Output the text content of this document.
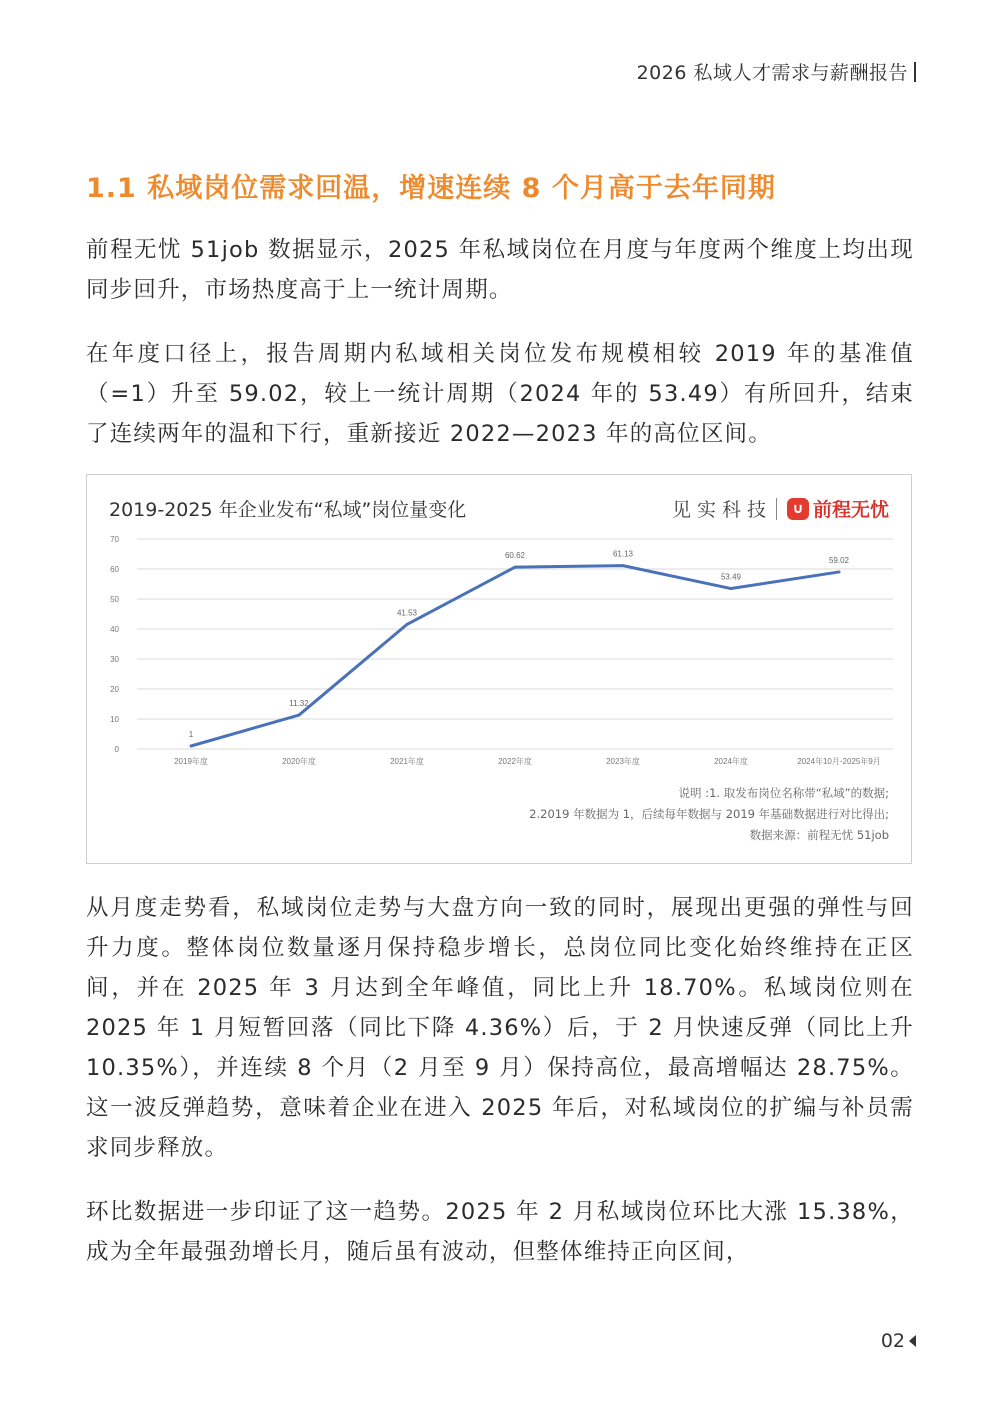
2026 私域人才需求与薪酬报告
1.1 私域岗位需求回温，增速连续 8 个月高于去年同期

前程无忧 51job 数据显示，2025 年私域岗位在月度与年度两个维度上均出现同步回升，市场热度高于上一统计周期。

在年度口径上，报告周期内私域相关岗位发布规模相较 2019 年的基准值（=1）升至 59.02，较上一统计周期（2024 年的 53.49）有所回升，结束了连续两年的温和下行，重新接近 2022—2023 年的高位区间。

2019-2025 年企业发布“私域”岗位量变化	见实科技	∪ 前程无忧
0
10
20
30
40
50
60
70
2019年度	2020年度	2021年度	2022年度	2023年度	2024年度	2024年10月-2025年9月
1
11.32
41.53
60.62	61.13
53.49
59.02
说明 :1. 取发布岗位名称带“私域”的数据;
2.2019 年数据为 1，后续每年数据与 2019 年基础数据进行对比得出;
数据来源：前程无忧 51job

从月度走势看，私域岗位走势与大盘方向一致的同时，展现出更强的弹性与回升力度。整体岗位数量逐月保持稳步增长，总岗位同比变化始终维持在正区间，并在 2025 年 3 月达到全年峰值，同比上升 18.70%。私域岗位则在 2025 年 1 月短暂回落（同比下降 4.36%）后，于 2 月快速反弹（同比上升 10.35%），并连续 8 个月（2 月至 9 月）保持高位，最高增幅达 28.75%。这一波反弹趋势，意味着企业在进入 2025 年后，对私域岗位的扩编与补员需求同步释放。

环比数据进一步印证了这一趋势。2025 年 2 月私域岗位环比大涨 15.38%，成为全年最强劲增长月，随后虽有波动，但整体维持正向区间，

02
